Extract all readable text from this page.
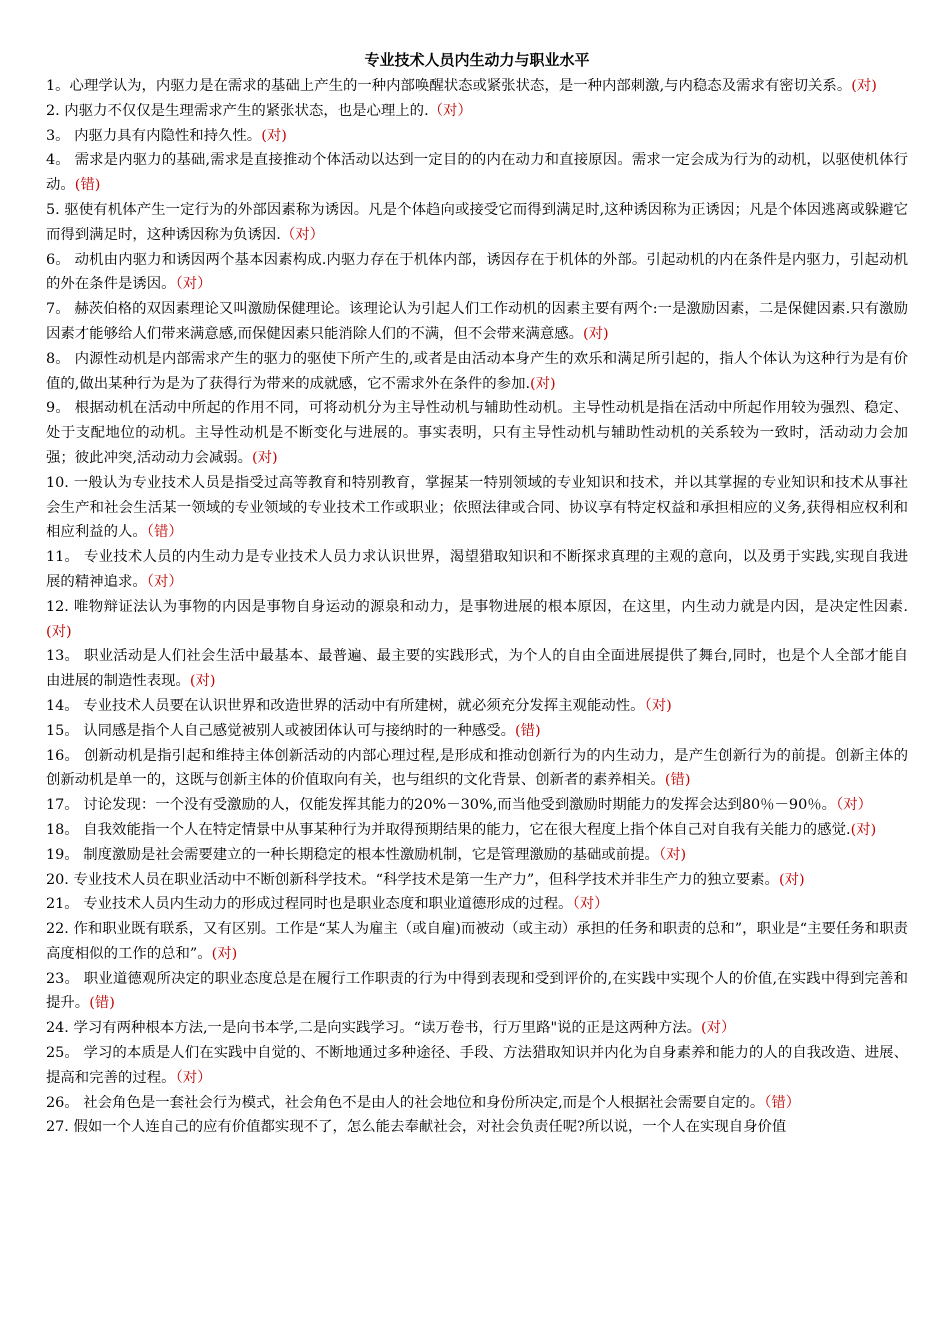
专业技术人员内生动力与职业水平

1。心理学认为，内驱力是在需求的基础上产生的一种内部唤醒状态或紧张状态，是一种内部刺激,与内稳态及需求有密切关系。(对)

2. 内驱力不仅仅是生理需求产生的紧张状态，也是心理上的.（对）

3。 内驱力具有内隐性和持久性。(对)

4。 需求是内驱力的基础,需求是直接推动个体活动以达到一定目的的内在动力和直接原因。需求一定会成为行为的动机，以驱使机体行动。(错)

5. 驱使有机体产生一定行为的外部因素称为诱因。凡是个体趋向或接受它而得到满足时,这种诱因称为正诱因；凡是个体因逃离或躲避它而得到满足时，这种诱因称为负诱因.（对）

6。 动机由内驱力和诱因两个基本因素构成.内驱力存在于机体内部，诱因存在于机体的外部。引起动机的内在条件是内驱力，引起动机的外在条件是诱因。（对）

7。 赫茨伯格的双因素理论又叫激励保健理论。该理论认为引起人们工作动机的因素主要有两个:一是激励因素，二是保健因素.只有激励因素才能够给人们带来满意感,而保健因素只能消除人们的不满，但不会带来满意感。(对)

8。 内源性动机是内部需求产生的驱力的驱使下所产生的,或者是由活动本身产生的欢乐和满足所引起的，指人个体认为这种行为是有价值的,做出某种行为是为了获得行为带来的成就感，它不需求外在条件的参加.(对)

9。 根据动机在活动中所起的作用不同，可将动机分为主导性动机与辅助性动机。主导性动机是指在活动中所起作用较为强烈、稳定、处于支配地位的动机。主导性动机是不断变化与进展的。事实表明，只有主导性动机与辅助性动机的关系较为一致时，活动动力会加强；彼此冲突,活动动力会减弱。(对)

10. 一般认为专业技术人员是指受过高等教育和特别教育，掌握某一特别领域的专业知识和技术，并以其掌握的专业知识和技术从事社会生产和社会生活某一领域的专业领域的专业技术工作或职业；依照法律或合同、协议享有特定权益和承担相应的义务,获得相应权利和相应利益的人。（错）

11。 专业技术人员的内生动力是专业技术人员力求认识世界，渴望猎取知识和不断探求真理的主观的意向，以及勇于实践,实现自我进展的精神追求。（对）

12. 唯物辩证法认为事物的内因是事物自身运动的源泉和动力，是事物进展的根本原因，在这里，内生动力就是内因，是决定性因素.(对)

13。 职业活动是人们社会生活中最基本、最普遍、最主要的实践形式，为个人的自由全面进展提供了舞台,同时，也是个人全部才能自由进展的制造性表现。(对)

14。 专业技术人员要在认识世界和改造世界的活动中有所建树，就必须充分发挥主观能动性。（对)

15。 认同感是指个人自己感觉被别人或被团体认可与接纳时的一种感受。(错)

16。 创新动机是指引起和维持主体创新活动的内部心理过程,是形成和推动创新行为的内生动力，是产生创新行为的前提。创新主体的创新动机是单一的，这既与创新主体的价值取向有关，也与组织的文化背景、创新者的素养相关。(错)

17。 讨论发现：一个没有受激励的人，仅能发挥其能力的20%－30%,而当他受到激励时期能力的发挥会达到80％－90％。（对）

18。 自我效能指一个人在特定情景中从事某种行为并取得预期结果的能力，它在很大程度上指个体自己对自我有关能力的感觉.(对)

19。 制度激励是社会需要建立的一种长期稳定的根本性激励机制，它是管理激励的基础或前提。（对)

20. 专业技术人员在职业活动中不断创新科学技术。“科学技术是第一生产力”，但科学技术并非生产力的独立要素。(对)

21。 专业技术人员内生动力的形成过程同时也是职业态度和职业道德形成的过程。（对）

22. 作和职业既有联系，又有区别。工作是“某人为雇主（或自雇)而被动（或主动）承担的任务和职责的总和”，职业是“主要任务和职责高度相似的工作的总和”。(对)

23。 职业道德观所决定的职业态度总是在履行工作职责的行为中得到表现和受到评价的,在实践中实现个人的价值,在实践中得到完善和提升。(错)

24. 学习有两种根本方法,一是向书本学,二是向实践学习。“读万卷书，行万里路"说的正是这两种方法。(对）

25。 学习的本质是人们在实践中自觉的、不断地通过多种途径、手段、方法猎取知识并内化为自身素养和能力的人的自我改造、进展、提高和完善的过程。（对）

26。 社会角色是一套社会行为模式，社会角色不是由人的社会地位和身份所决定,而是个人根据社会需要自定的。（错）

27. 假如一个人连自己的应有价值都实现不了，怎么能去奉献社会，对社会负责任呢?所以说，一个人在实现自身价值
